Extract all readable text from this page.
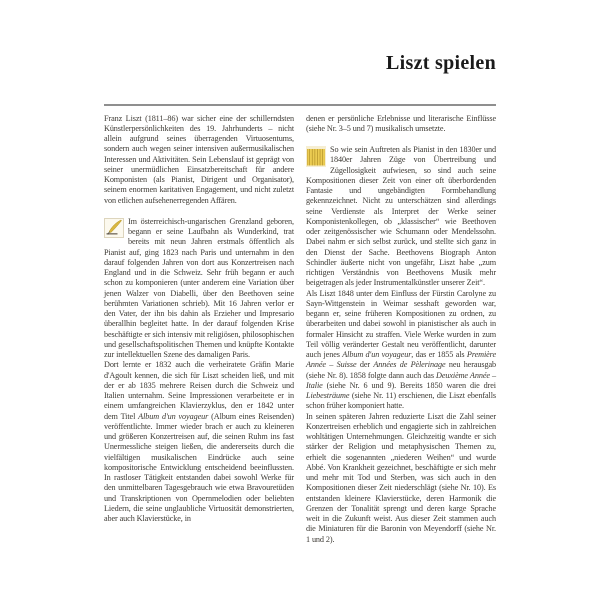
Liszt spielen

Franz Liszt (1811–86) war sicher eine der schillerndsten Künstlerpersönlichkeiten des 19. Jahrhunderts – nicht allein aufgrund seines überragenden Virtuosentums, sondern auch wegen seiner intensiven außermusikalischen Interessen und Aktivitäten. Sein Lebenslauf ist geprägt von seiner unermüdlichen Einsatzbereitschaft für andere Komponisten (als Pianist, Dirigent und Organisator), seinem enormen karitativen Engagement, und nicht zuletzt von etlichen aufsehenerregenden Affären.

Im österreichisch-ungarischen Grenzland geboren, begann er seine Laufbahn als Wunderkind, trat bereits mit neun Jahren erstmals öffentlich als Pianist auf, ging 1823 nach Paris und unternahm in den darauf folgenden Jahren von dort aus Konzertreisen nach England und in die Schweiz. Sehr früh begann er auch schon zu komponieren (unter anderem eine Variation über jenen Walzer von Diabelli, über den Beethoven seine berühmten Variationen schrieb). Mit 16 Jahren verlor er den Vater, der ihn bis dahin als Erzieher und Impresario überallhin begleitet hatte. In der darauf folgenden Krise beschäftigte er sich intensiv mit religiösen, philosophischen und gesellschaftspolitischen Themen und knüpfte Kontakte zur intellektuellen Szene des damaligen Paris.

Dort lernte er 1832 auch die verheiratete Gräfin Marie d'Agoult kennen, die sich für Liszt scheiden ließ, und mit der er ab 1835 mehrere Reisen durch die Schweiz und Italien unternahm. Seine Impressionen verarbeitete er in einem umfangreichen Klavierzyklus, den er 1842 unter dem Titel Album d'un voyageur (Album eines Reisenden) veröffentlichte. Immer wieder brach er auch zu kleineren und größeren Konzertreisen auf, die seinen Ruhm ins fast Unermessliche steigen ließen, die andererseits durch die vielfältigen musikalischen Eindrücke auch seine kompositorische Entwicklung entscheidend beeinflussten. In rastloser Tätigkeit entstanden dabei sowohl Werke für den unmittelbaren Tagesgebrauch wie etwa Bravouretüden und Transkriptionen von Opernmelodien oder beliebten Liedern, die seine unglaubliche Virtuosität demonstrierten, aber auch Klavierstücke, in

denen er persönliche Erlebnisse und literarische Einflüsse (siehe Nr. 3–5 und 7) musikalisch umsetzte.

So wie sein Auftreten als Pianist in den 1830er und 1840er Jahren Züge von Übertreibung und Zügellosigkeit aufwiesen, so sind auch seine Kompositionen dieser Zeit von einer oft überbordenden Fantasie und ungebändigten Formbehandlung gekennzeichnet. Nicht zu unterschätzen sind allerdings seine Verdienste als Interpret der Werke seiner Komponistenkollegen, ob „klassischer“ wie Beethoven oder zeitgenössischer wie Schumann oder Mendelssohn. Dabei nahm er sich selbst zurück, und stellte sich ganz in den Dienst der Sache. Beethovens Biograph Anton Schindler äußerte nicht von ungefähr, Liszt habe „zum richtigen Verständnis von Beethovens Musik mehr beigetragen als jeder Instrumentalkünstler unserer Zeit“.

Als Liszt 1848 unter dem Einfluss der Fürstin Carolyne zu Sayn-Wittgenstein in Weimar sesshaft geworden war, begann er, seine früheren Kompositionen zu ordnen, zu überarbeiten und dabei sowohl in pianistischer als auch in formaler Hinsicht zu straffen. Viele Werke wurden in zum Teil völlig veränderter Gestalt neu veröffentlicht, darunter auch jenes Album d'un voyageur, das er 1855 als Première Année – Suisse der Années de Pèlerinage neu herausgab (siehe Nr. 8). 1858 folgte dann auch das Deuxième Année – Italie (siehe Nr. 6 und 9). Bereits 1850 waren die drei Liebesträume (siehe Nr. 11) erschienen, die Liszt ebenfalls schon früher komponiert hatte.

In seinen späteren Jahren reduzierte Liszt die Zahl seiner Konzertreisen erheblich und engagierte sich in zahlreichen wohltätigen Unternehmungen. Gleichzeitig wandte er sich stärker der Religion und metaphysischen Themen zu, erhielt die sogenannten „niederen Weihen“ und wurde Abbé. Von Krankheit gezeichnet, beschäftigte er sich mehr und mehr mit Tod und Sterben, was sich auch in den Kompositionen dieser Zeit niederschlägt (siehe Nr. 10). Es entstanden kleinere Klavierstücke, deren Harmonik die Grenzen der Tonalität sprengt und deren karge Sprache weit in die Zukunft weist. Aus dieser Zeit stammen auch die Miniaturen für die Baronin von Meyendorff (siehe Nr. 1 und 2).
